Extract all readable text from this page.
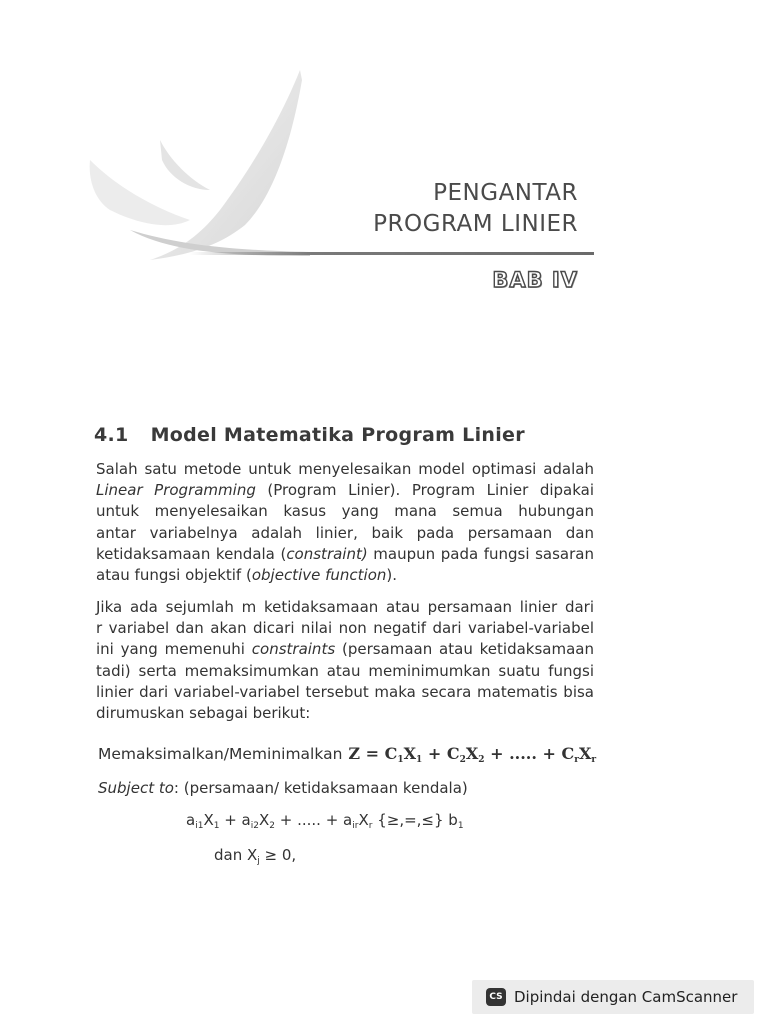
PENGANTAR
PROGRAM LINIER
BAB IV
4.1 Model Matematika Program Linier
Salah satu metode untuk menyelesaikan model optimasi adalah
Linear Programming (Program Linier). Program Linier dipakai
untuk menyelesaikan kasus yang mana semua hubungan
antar variabelnya adalah linier, baik pada persamaan dan
ketidaksamaan kendala (constraint) maupun pada fungsi sasaran
atau fungsi objektif (objective function).
Jika ada sejumlah m ketidaksamaan atau persamaan linier dari
r variabel dan akan dicari nilai non negatif dari variabel-variabel
ini yang memenuhi constraints (persamaan atau ketidaksamaan
tadi) serta memaksimumkan atau meminimumkan suatu fungsi
linier dari variabel-variabel tersebut maka secara matematis bisa
dirumuskan sebagai berikut:
Memaksimalkan/Meminimalkan $Z = C_1X_1 + C_2X_2$ + ..... + $C_rX_r$
Subject to: (persamaan/ ketidaksamaan kendala)
$a_{i1}X_1 + a_{i2}X_2$ + ..... + $a_{ir}X_r$ {≥,=,≤} $b_1$
dan $X_j \ge 0$,
CS Dipindai dengan CamScanner
